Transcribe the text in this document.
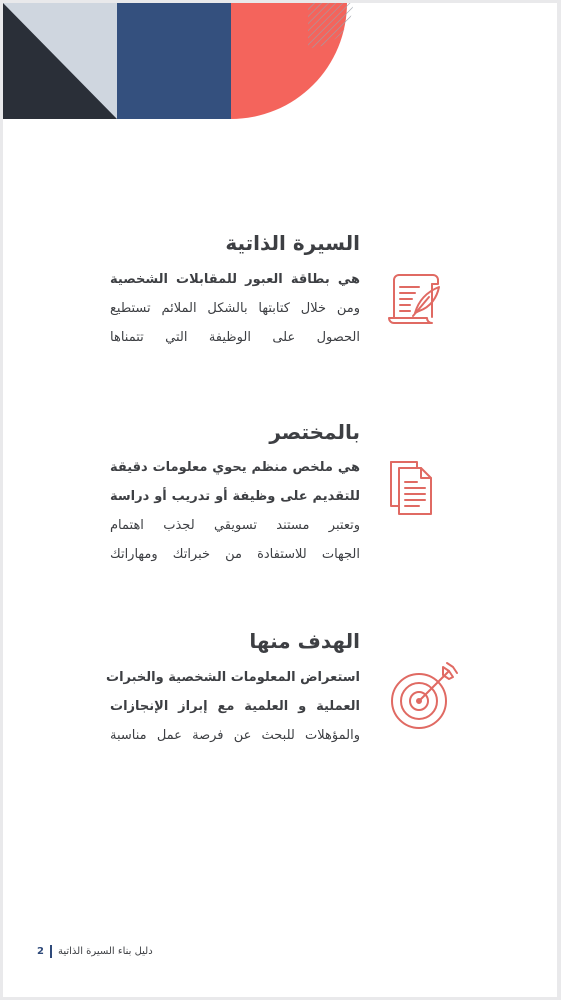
السيرة الذاتية
هي بطاقة العبور للمقابلات الشخصية
ومن خلال كتابتها بالشكل الملائم تستطيع
الحصول على الوظيفة التي تتمناها
بالمختصر
هي ملخص منظم يحوي معلومات دقيقة
للتقديم على وظيفة أو تدريب أو دراسة
وتعتبر مستند تسويقي لجذب اهتمام
الجهات للاستفادة من خبراتك ومهاراتك
الهدف منها
استعراض المعلومات الشخصية والخبرات
العملية و العلمية مع إبراز الإنجازات
والمؤهلات للبحث عن فرصة عمل مناسبة
2 دليل بناء السيرة الذاتية
